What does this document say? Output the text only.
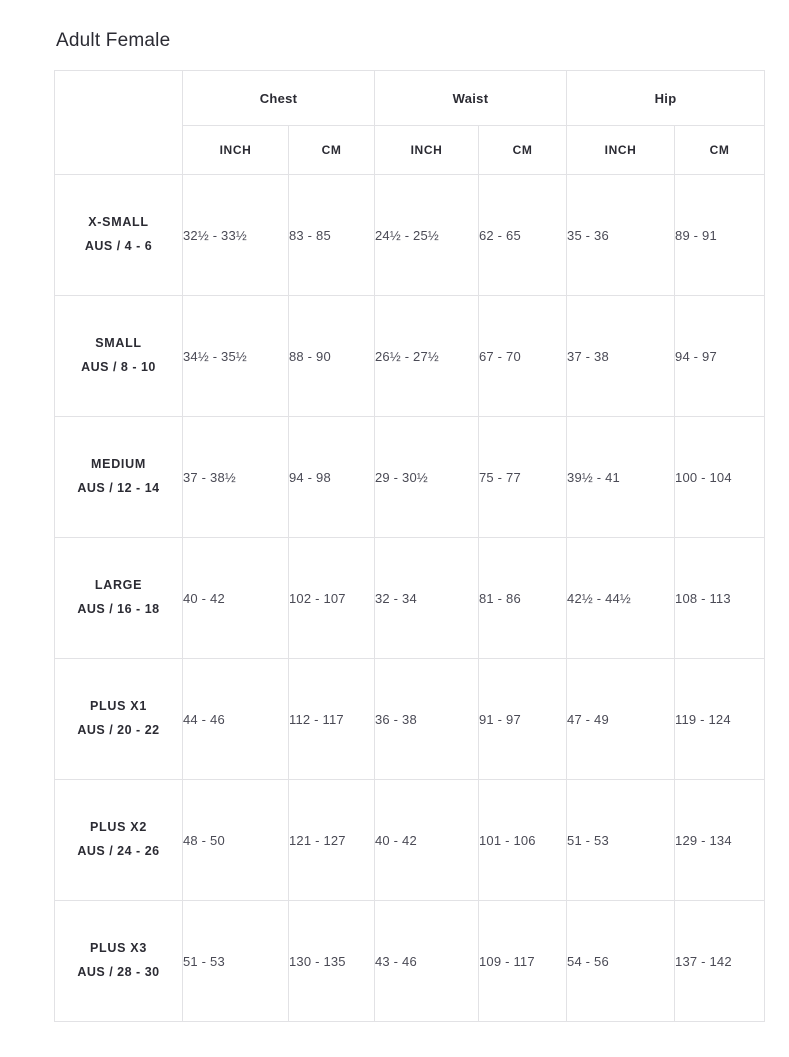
Adult Female
	Chest		Waist		Hip	
	INCH	CM	INCH	CM	INCH	CM

X-SMALL
AUS / 4 - 6	32½ - 33½	83 - 85	24½ - 25½	62 - 65	35 - 36	89 - 91

SMALL
AUS / 8 - 10	34½ - 35½	88 - 90	26½ - 27½	67 - 70	37 - 38	94 - 97

MEDIUM
AUS / 12 - 14	37 - 38½	94 - 98	29 - 30½	75 - 77	39½ - 41	100 - 104

LARGE
AUS / 16 - 18	40 - 42	102 - 107	32 - 34	81 - 86	42½ - 44½	108 - 113

PLUS X1
AUS / 20 - 22	44 - 46	112 - 117	36 - 38	91 - 97	47 - 49	119 - 124

PLUS X2
AUS / 24 - 26	48 - 50	121 - 127	40 - 42	101 - 106	51 - 53	129 - 134

PLUS X3
AUS / 28 - 30	51 - 53	130 - 135	43 - 46	109 - 117	54 - 56	137 - 142
